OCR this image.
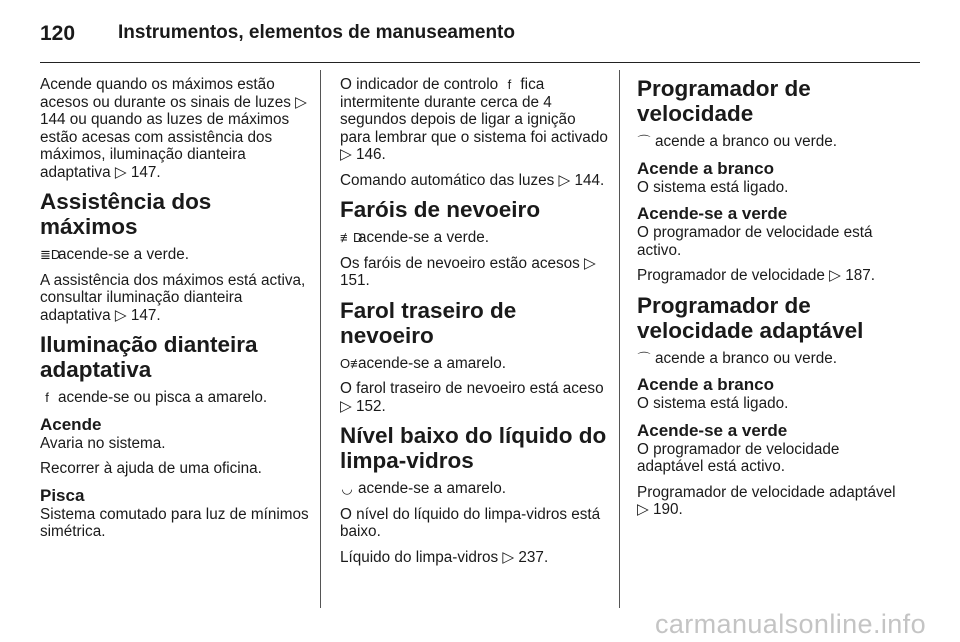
120 Instrumentos, elementos de manuseamento

Acende quando os máximos estão acesos ou durante os sinais de luzes ▷ 144 ou quando as luzes de máximos estão acesas com assistência dos máximos, iluminação dianteira adaptativa ▷ 147.

Assistência dos máximos

≣Dacende-se a verde.

A assistência dos máximos está activa, consultar iluminação dianteira adaptativa ▷ 147.

Iluminação dianteira adaptativa

f acende-se ou pisca a amarelo.

Acende

Avaria no sistema.

Recorrer à ajuda de uma oficina.

Pisca

Sistema comutado para luz de mínimos simétrica.

O indicador de controlo f fica intermitente durante cerca de 4 segundos depois de ligar a ignição para lembrar que o sistema foi activado ▷ 146.

Comando automático das luzes ▷ 144.

Faróis de nevoeiro

≢Dacende-se a verde.

Os faróis de nevoeiro estão acesos ▷ 151.

Farol traseiro de nevoeiro

O≢acende-se a amarelo.

O farol traseiro de nevoeiro está aceso ▷ 152.

Nível baixo do líquido do limpa-vidros

◡ acende-se a amarelo.

O nível do líquido do limpa-vidros está baixo.

Líquido do limpa-vidros ▷ 237.

Programador de velocidade

⌒ acende a branco ou verde.

Acende a branco

O sistema está ligado.

Acende-se a verde

O programador de velocidade está activo.

Programador de velocidade ▷ 187.

Programador de velocidade adaptável

⌒ acende a branco ou verde.

Acende a branco

O sistema está ligado.

Acende-se a verde

O programador de velocidade adaptável está activo.

Programador de velocidade adaptável ▷ 190.

carmanualsonline.info
